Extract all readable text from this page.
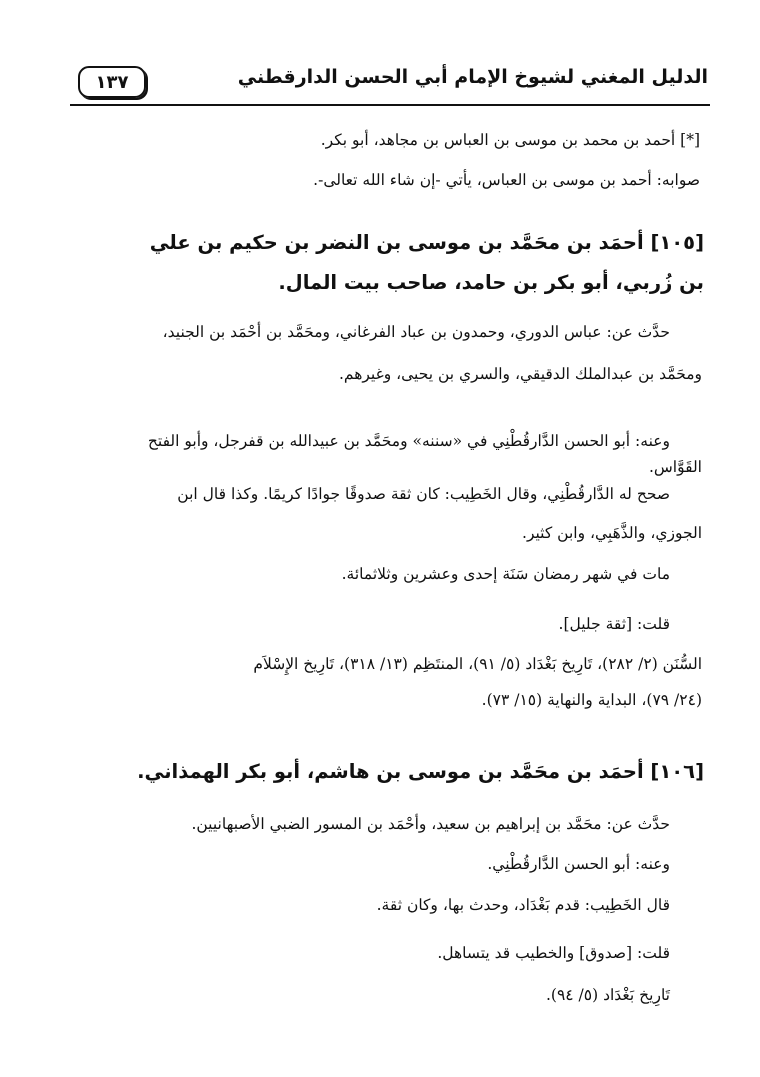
الدليل المغني لشيوخ الإمام أبي الحسن الدارقطني
١٣٧
[*] أحمد بن محمد بن موسى بن العباس بن مجاهد، أبو بكر.
صوابه: أحمد بن موسى بن العباس، يأتي -إن شاء الله تعالى-.
[١٠٥] أحمَد بن محَمَّد بن موسى بن النضر بن حكيم بن علي
بن زُربي، أبو بكر بن حامد، صاحب بيت المال.
حدَّث عن: عباس الدوري، وحمدون بن عباد الفرغاني، ومحَمَّد بن أحْمَد بن الجنيد،
ومحَمَّد بن عبدالملك الدقيقي، والسري بن يحيى، وغيرهم.
وعنه: أبو الحسن الدَّارقُطْنِي في «سننه» ومحَمَّد بن عبيدالله بن قفرجل، وأبو الفتح
القَوَّاس.
صحح له الدَّارقُطْنِي، وقال الخَطِيب: كان ثقة صدوقًا جوادًا كريمًا. وكذا قال ابن
الجوزي، والذَّهَبِي، وابن كثير.
مات في شهر رمضان سَنَة إحدى وعشرين وثلاثمائة.
قلت: [ثقة جليل].
السُّنَن (٢/ ٢٨٢)، تَارِيخ بَغْدَاد (٥/ ٩١)، المنتَظِم (١٣/ ٣١٨)، تَارِيخ الإِسْلاَم
(٢٤/ ٧٩)، البداية والنهاية (١٥/ ٧٣).
[١٠٦] أحمَد بن محَمَّد بن موسى بن هاشم، أبو بكر الهمذاني.
حدَّث عن: محَمَّد بن إبراهيم بن سعيد، وأحْمَد بن المسور الضبي الأصبهانيين.
وعنه: أبو الحسن الدَّارقُطْنِي.
قال الخَطِيب: قدم بَغْدَاد، وحدث بها، وكان ثقة.
قلت: [صدوق] والخطيب قد يتساهل.
تَارِيخ بَغْدَاد (٥/ ٩٤).
